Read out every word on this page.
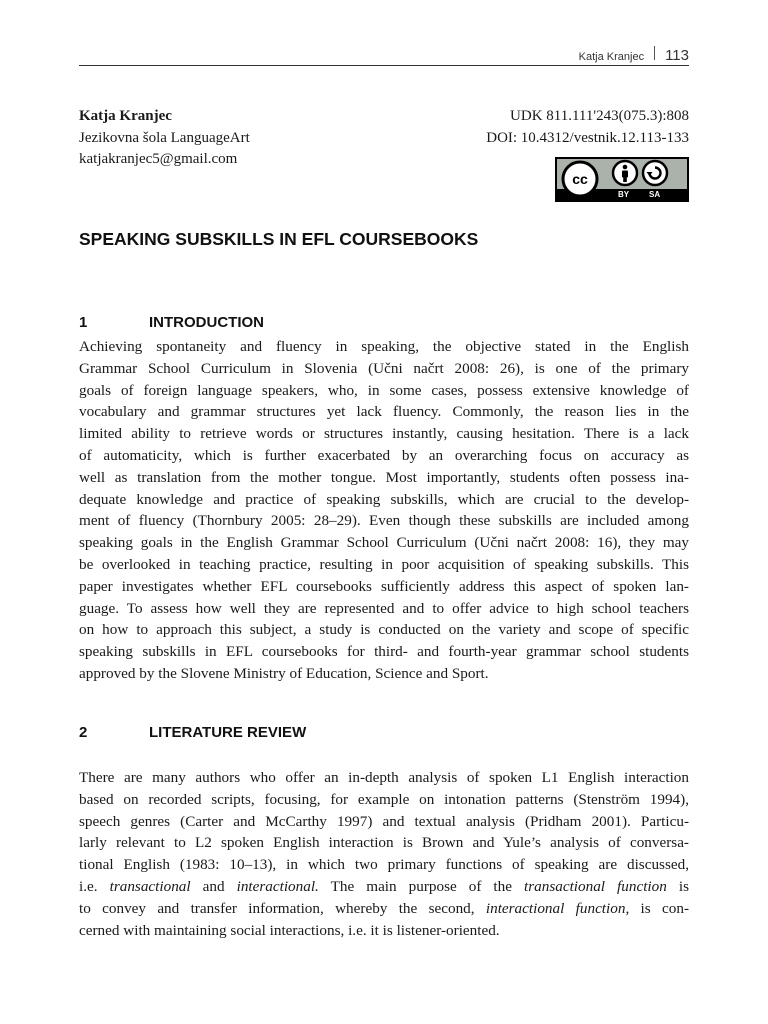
Katja Kranjec 113
Katja Kranjec
Jezikovna šola LanguageArt
katjakranjec5@gmail.com
UDK 811.111'243(075.3):808
DOI: 10.4312/vestnik.12.113-133
cc
BY SA
SPEAKING SUBSKILLS IN EFL COURSEBOOKS
1	INTRODUCTION
Achieving spontaneity and fluency in speaking, the objective stated in the English
Grammar School Curriculum in Slovenia (Učni načrt 2008: 26), is one of the primary
goals of foreign language speakers, who, in some cases, possess extensive knowledge of
vocabulary and grammar structures yet lack fluency. Commonly, the reason lies in the
limited ability to retrieve words or structures instantly, causing hesitation. There is a lack
of automaticity, which is further exacerbated by an overarching focus on accuracy as
well as translation from the mother tongue. Most importantly, students often possess ina-
dequate knowledge and practice of speaking subskills, which are crucial to the develop-
ment of fluency (Thornbury 2005: 28–29). Even though these subskills are included among
speaking goals in the English Grammar School Curriculum (Učni načrt 2008: 16), they may
be overlooked in teaching practice, resulting in poor acquisition of speaking subskills. This
paper investigates whether EFL coursebooks sufficiently address this aspect of spoken lan-
guage. To assess how well they are represented and to offer advice to high school teachers
on how to approach this subject, a study is conducted on the variety and scope of specific
speaking subskills in EFL coursebooks for third- and fourth-year grammar school students
approved by the Slovene Ministry of Education, Science and Sport.
2	LITERATURE REVIEW
There are many authors who offer an in-depth analysis of spoken L1 English interaction
based on recorded scripts, focusing, for example on intonation patterns (Stenström 1994),
speech genres (Carter and McCarthy 1997) and textual analysis (Pridham 2001). Particu-
larly relevant to L2 spoken English interaction is Brown and Yule’s analysis of conversa-
tional English (1983: 10–13), in which two primary functions of speaking are discussed,
i.e. transactional and interactional. The main purpose of the transactional function is
to convey and transfer information, whereby the second, interactional function, is con-
cerned with maintaining social interactions, i.e. it is listener-oriented.
